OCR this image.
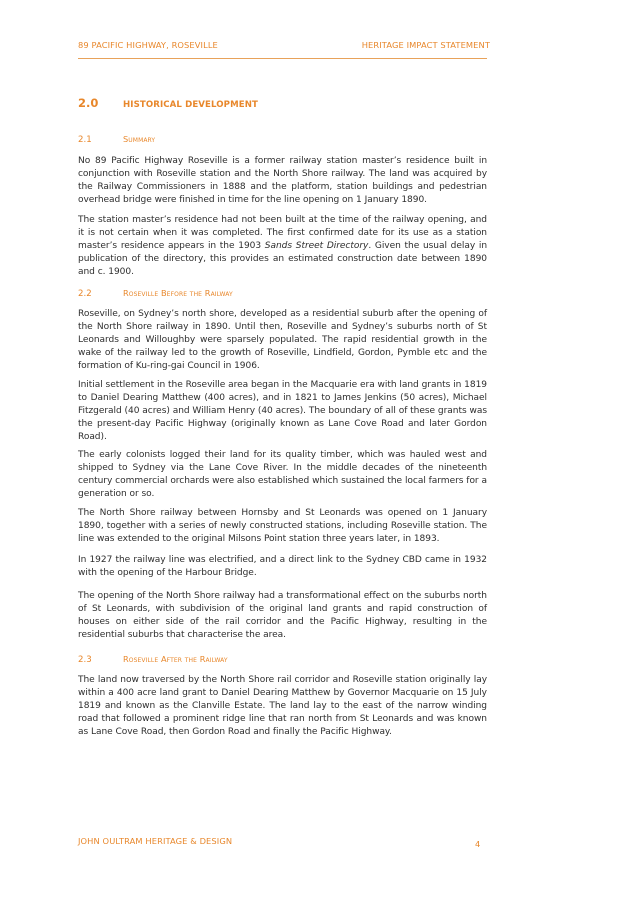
89 PACIFIC HIGHWAY, ROSEVILLE	HERITAGE IMPACT STATEMENT
2.0	HISTORICAL DEVELOPMENT
2.1	Summary

No 89 Pacific Highway Roseville is a former railway station master’s residence built in conjunction with Roseville station and the North Shore railway. The land was acquired by the Railway Commissioners in 1888 and the platform, station buildings and pedestrian overhead bridge were finished in time for the line opening on 1 January 1890.

The station master’s residence had not been built at the time of the railway opening, and it is not certain when it was completed. The first confirmed date for its use as a station master’s residence appears in the 1903 Sands Street Directory. Given the usual delay in publication of the directory, this provides an estimated construction date between 1890 and c. 1900.

2.2	Roseville Before the Railway

Roseville, on Sydney’s north shore, developed as a residential suburb after the opening of the North Shore railway in 1890. Until then, Roseville and Sydney’s suburbs north of St Leonards and Willoughby were sparsely populated. The rapid residential growth in the wake of the railway led to the growth of Roseville, Lindfield, Gordon, Pymble etc and the formation of Ku-ring-gai Council in 1906.

Initial settlement in the Roseville area began in the Macquarie era with land grants in 1819 to Daniel Dearing Matthew (400 acres), and in 1821 to James Jenkins (50 acres), Michael Fitzgerald (40 acres) and William Henry (40 acres). The boundary of all of these grants was the present-day Pacific Highway (originally known as Lane Cove Road and later Gordon Road).

The early colonists logged their land for its quality timber, which was hauled west and shipped to Sydney via the Lane Cove River. In the middle decades of the nineteenth century commercial orchards were also established which sustained the local farmers for a generation or so.

The North Shore railway between Hornsby and St Leonards was opened on 1 January 1890, together with a series of newly constructed stations, including Roseville station. The line was extended to the original Milsons Point station three years later, in 1893.

In 1927 the railway line was electrified, and a direct link to the Sydney CBD came in 1932 with the opening of the Harbour Bridge.

The opening of the North Shore railway had a transformational effect on the suburbs north of St Leonards, with subdivision of the original land grants and rapid construction of houses on either side of the rail corridor and the Pacific Highway, resulting in the residential suburbs that characterise the area.

2.3	Roseville After the Railway

The land now traversed by the North Shore rail corridor and Roseville station originally lay within a 400 acre land grant to Daniel Dearing Matthew by Governor Macquarie on 15 July 1819 and known as the Clanville Estate. The land lay to the east of the narrow winding road that followed a prominent ridge line that ran north from St Leonards and was known as Lane Cove Road, then Gordon Road and finally the Pacific Highway.

JOHN OULTRAM HERITAGE & DESIGN	4
